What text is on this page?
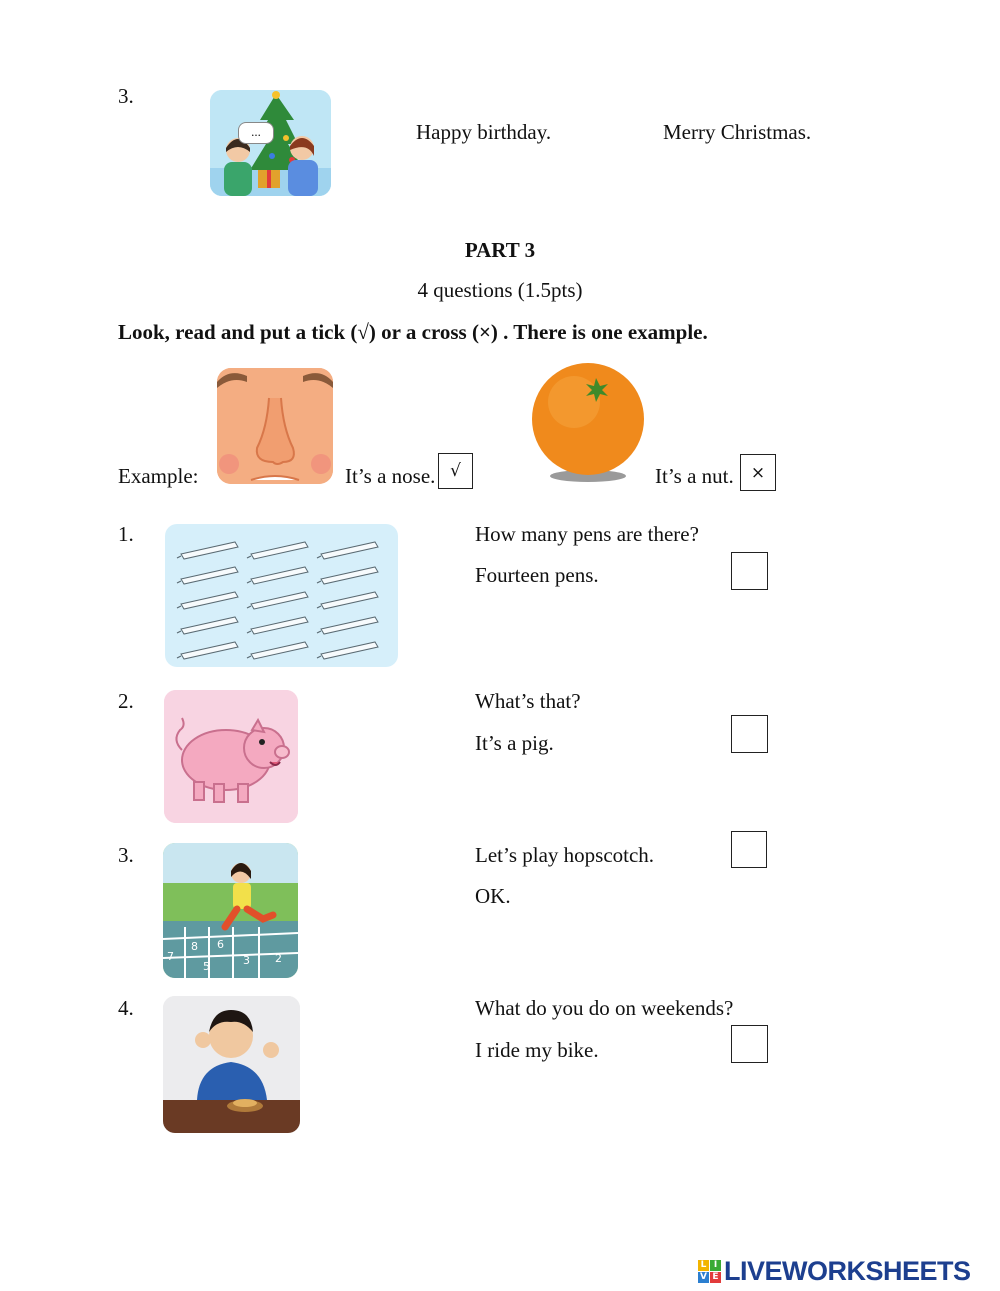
3.
...	Happy birthday.	Merry Christmas.
PART 3
4 questions (1.5pts)
Look, read and put a tick (√) or a cross (×) . There is one example.
Example:	It’s a nose. √	It’s a nut. ×
1.	How many pens are there?
Fourteen pens.
2.	What’s that?
It’s a pig.
3.
7
8
5
6
3 2
Let’s play hopscotch.
OK.
4.	What do you do on weekends?
I ride my bike.
L I
V E LIVEWORKSHEETS
